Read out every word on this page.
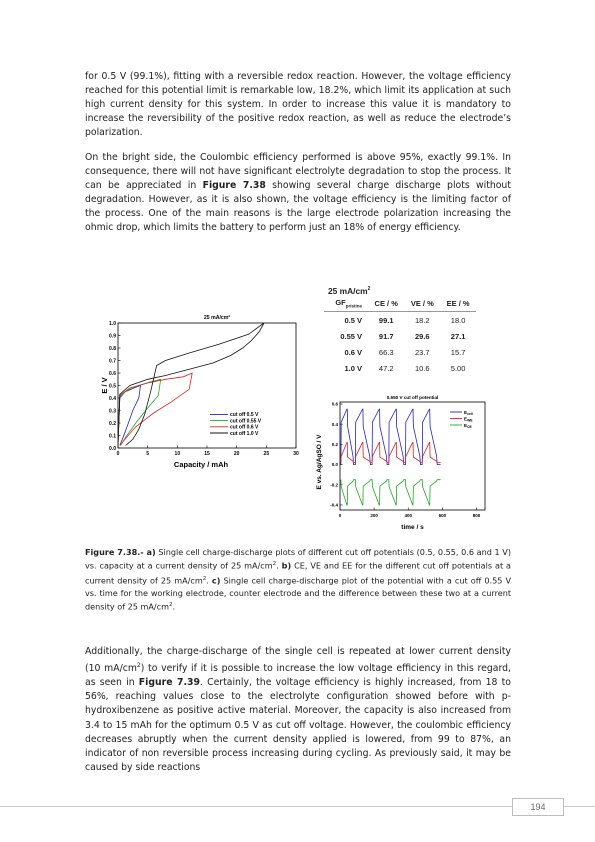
for 0.5 V (99.1%), fitting with a reversible redox reaction. However, the voltage efficiency reached for this potential limit is remarkable low, 18.2%, which limit its application at such high current density for this system. In order to increase this value it is mandatory to increase the reversibility of the positive redox reaction, as well as reduce the electrode’s polarization.

On the bright side, the Coulombic efficiency performed is above 95%, exactly 99.1%. In consequence, there will not have significant electrolyte degradation to stop the process. It can be appreciated in Figure 7.38 showing several charge discharge plots without degradation. However, as it is also shown, the voltage efficiency is the limiting factor of the process. One of the main reasons is the large electrode polarization increasing the ohmic drop, which limits the battery to perform just an 18% of energy efficiency.

0	5	10	15	20	25	30
0.0
0.1
0.2
0.3
0.4
0.5
0.6
0.7
0.8
0.9
1.0
25 mA/cm²
Capacity / mAh
E / V
cut off 0.5 V
cut off 0.55 V
cut off 0.6 V
cut off 1.0 V
25 $mA/cm^2$
$GF_{pristine}$	CE / %	VE / %	EE / %
0.5 V	99.1	18.2	18.0
0.55 V	91.7	29.6	27.1
0.6 V	66.3	23.7	15.7
1.0 V	47.2	10.6	5.00
0	200	400	600	800
-0.4
-0.2
0.0
0.2
0.4
0.6
0.550 V cut off potential
time / s
E vs. Ag/AgSO / V
$E_{cell}$
$E_{WE}$
$E_{CE}$

Figure 7.38.- a) Single cell charge-discharge plots of different cut off potentials (0.5, 0.55, 0.6 and 1 V) vs. capacity at a current density of 25 $mA/cm^2$. b) CE, VE and EE for the different cut off potentials at a current density of 25 $mA/cm^2$. c) Single cell charge-discharge plot of the potential with a cut off 0.55 V vs. time for the working electrode, counter electrode and the difference between these two at a current density of 25 $mA/cm^2$.

Additionally, the charge-discharge of the single cell is repeated at lower current density (10 $mA/cm^2$) to verify if it is possible to increase the low voltage efficiency in this regard, as seen in Figure 7.39. Certainly, the voltage efficiency is highly increased, from 18 to 56%, reaching values close to the electrolyte configuration showed before with p-hydroxibenzene as positive active material. Moreover, the capacity is also increased from 3.4 to 15 mAh for the optimum 0.5 V as cut off voltage. However, the coulombic efficiency decreases abruptly when the current density applied is lowered, from 99 to 87%, an indicator of non reversible process increasing during cycling. As previously said, it may be caused by side reactions

194
